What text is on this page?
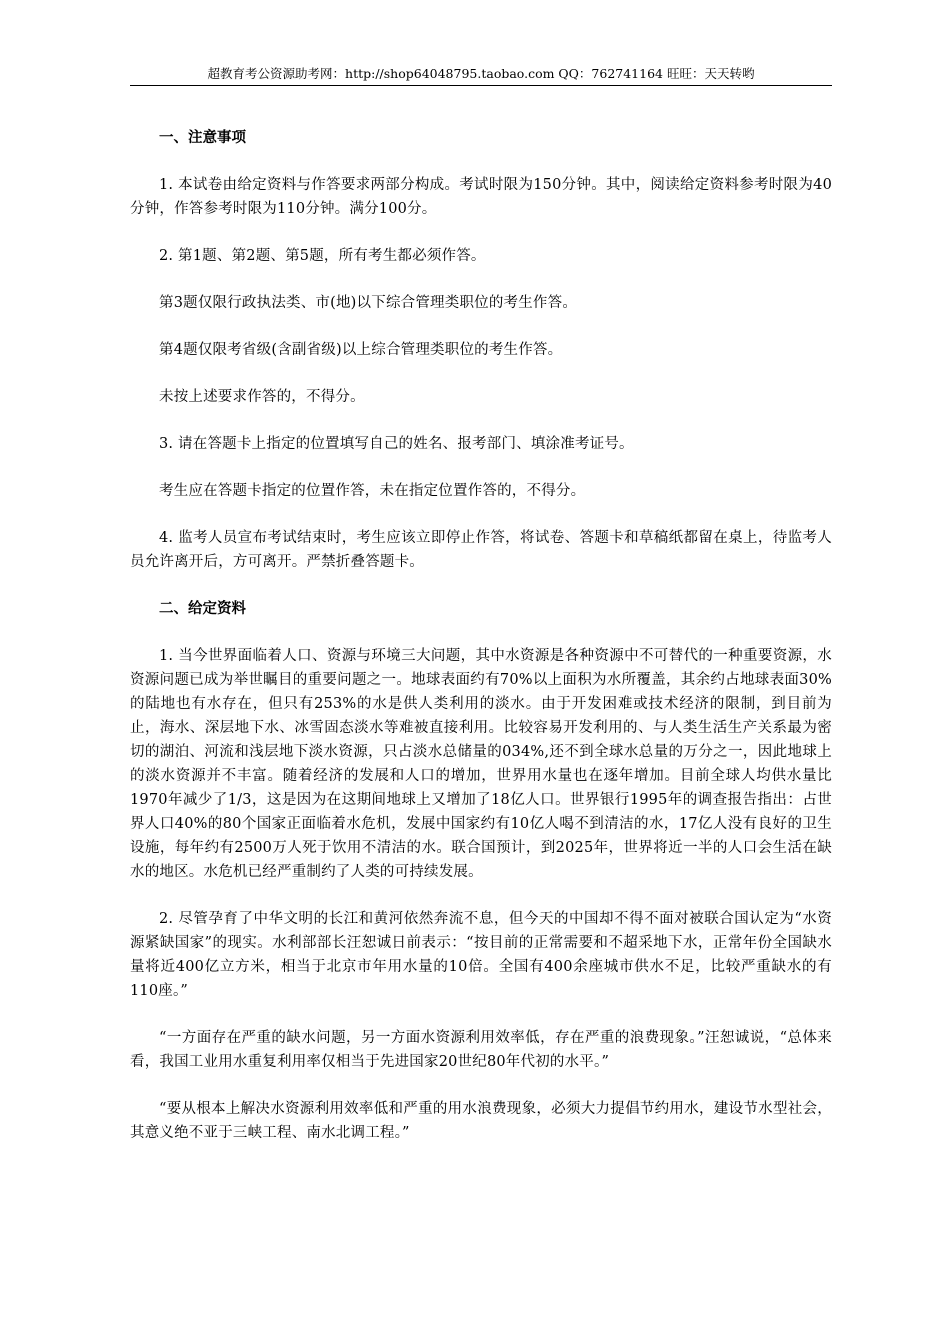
超教育考公资源助考网：http://shop64048795.taobao.com QQ：762741164 旺旺：天天转哟
一、注意事项

1. 本试卷由给定资料与作答要求两部分构成。考试时限为150分钟。其中，阅读给定资料参考时限为40分钟，作答参考时限为110分钟。满分100分。

2. 第1题、第2题、第5题，所有考生都必须作答。

第3题仅限行政执法类、市(地)以下综合管理类职位的考生作答。

第4题仅限考省级(含副省级)以上综合管理类职位的考生作答。

未按上述要求作答的，不得分。

3. 请在答题卡上指定的位置填写自己的姓名、报考部门、填涂准考证号。

考生应在答题卡指定的位置作答，未在指定位置作答的，不得分。

4. 监考人员宣布考试结束时，考生应该立即停止作答，将试卷、答题卡和草稿纸都留在桌上，待监考人员允许离开后，方可离开。严禁折叠答题卡。

二、给定资料

1. 当今世界面临着人口、资源与环境三大问题，其中水资源是各种资源中不可替代的一种重要资源，水资源问题已成为举世瞩目的重要问题之一。地球表面约有70%以上面积为水所覆盖，其余约占地球表面30%的陆地也有水存在，但只有253%的水是供人类利用的淡水。由于开发困难或技术经济的限制，到目前为止，海水、深层地下水、冰雪固态淡水等难被直接利用。比较容易开发利用的、与人类生活生产关系最为密切的湖泊、河流和浅层地下淡水资源，只占淡水总储量的034%,还不到全球水总量的万分之一，因此地球上的淡水资源并不丰富。随着经济的发展和人口的增加，世界用水量也在逐年增加。目前全球人均供水量比1970年减少了1/3，这是因为在这期间地球上又增加了18亿人口。世界银行1995年的调查报告指出：占世界人口40%的80个国家正面临着水危机，发展中国家约有10亿人喝不到清洁的水，17亿人没有良好的卫生设施，每年约有2500万人死于饮用不清洁的水。联合国预计，到2025年，世界将近一半的人口会生活在缺水的地区。水危机已经严重制约了人类的可持续发展。

2. 尽管孕育了中华文明的长江和黄河依然奔流不息，但今天的中国却不得不面对被联合国认定为“水资源紧缺国家”的现实。水利部部长汪恕诚日前表示：“按目前的正常需要和不超采地下水，正常年份全国缺水量将近400亿立方米，相当于北京市年用水量的10倍。全国有400余座城市供水不足，比较严重缺水的有110座。”

“一方面存在严重的缺水问题，另一方面水资源利用效率低，存在严重的浪费现象。”汪恕诚说，“总体来看，我国工业用水重复利用率仅相当于先进国家20世纪80年代初的水平。”

“要从根本上解决水资源利用效率低和严重的用水浪费现象，必须大力提倡节约用水，建设节水型社会，其意义绝不亚于三峡工程、南水北调工程。”
